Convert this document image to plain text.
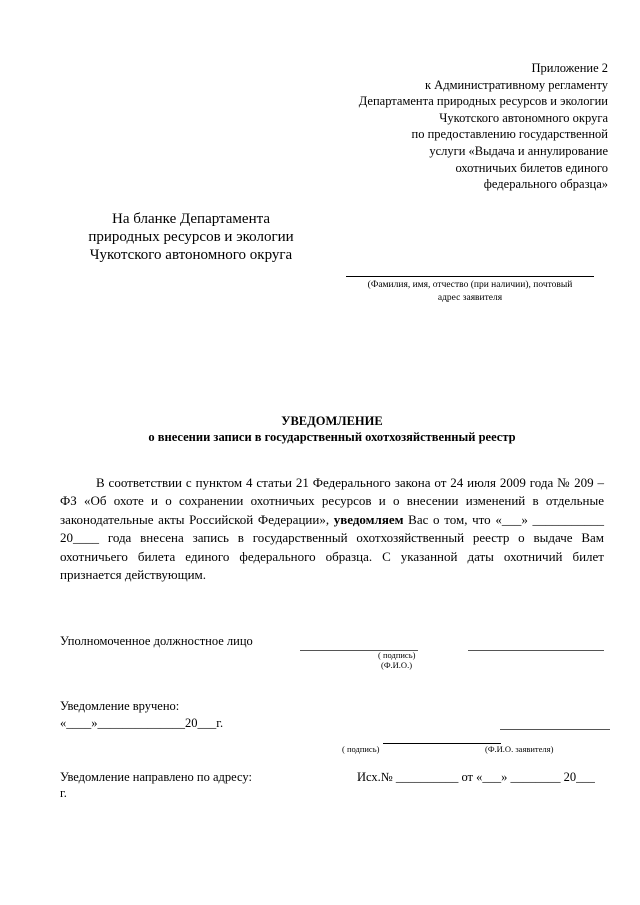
Приложение 2
к Административному регламенту
Департамента природных ресурсов и экологии
Чукотского автономного округа
по предоставлению государственной
услуги «Выдача и аннулирование
охотничьих билетов единого
федерального образца»
На бланке Департамента
природных ресурсов и экологии
Чукотского автономного округа
(Фамилия, имя, отчество (при наличии), почтовый
адрес заявителя
УВЕДОМЛЕНИЕ
о внесении записи в государственный охотхозяйственный реестр

В соответствии с пунктом 4 статьи 21 Федерального закона от 24 июля 2009 года № 209 – ФЗ «Об охоте и о сохранении охотничьих ресурсов и о внесении изменений в отдельные законодательные акты Российской Федерации», уведомляем Вас о том, что «___» ___________ 20____ года внесена запись в государственный охотхозяйственный реестр о выдаче Вам охотничьего билета единого федерального образца. С указанной даты охотничий билет признается действующим.

Уполномоченное должностное лицо
( подпись)
(Ф.И.О.)
Уведомление вручено:
«____»______________20___г.
( подпись)	(Ф.И.О. заявителя)
Уведомление направлено по адресу:
г.
Исх.№ __________ от «___» ________ 20___
